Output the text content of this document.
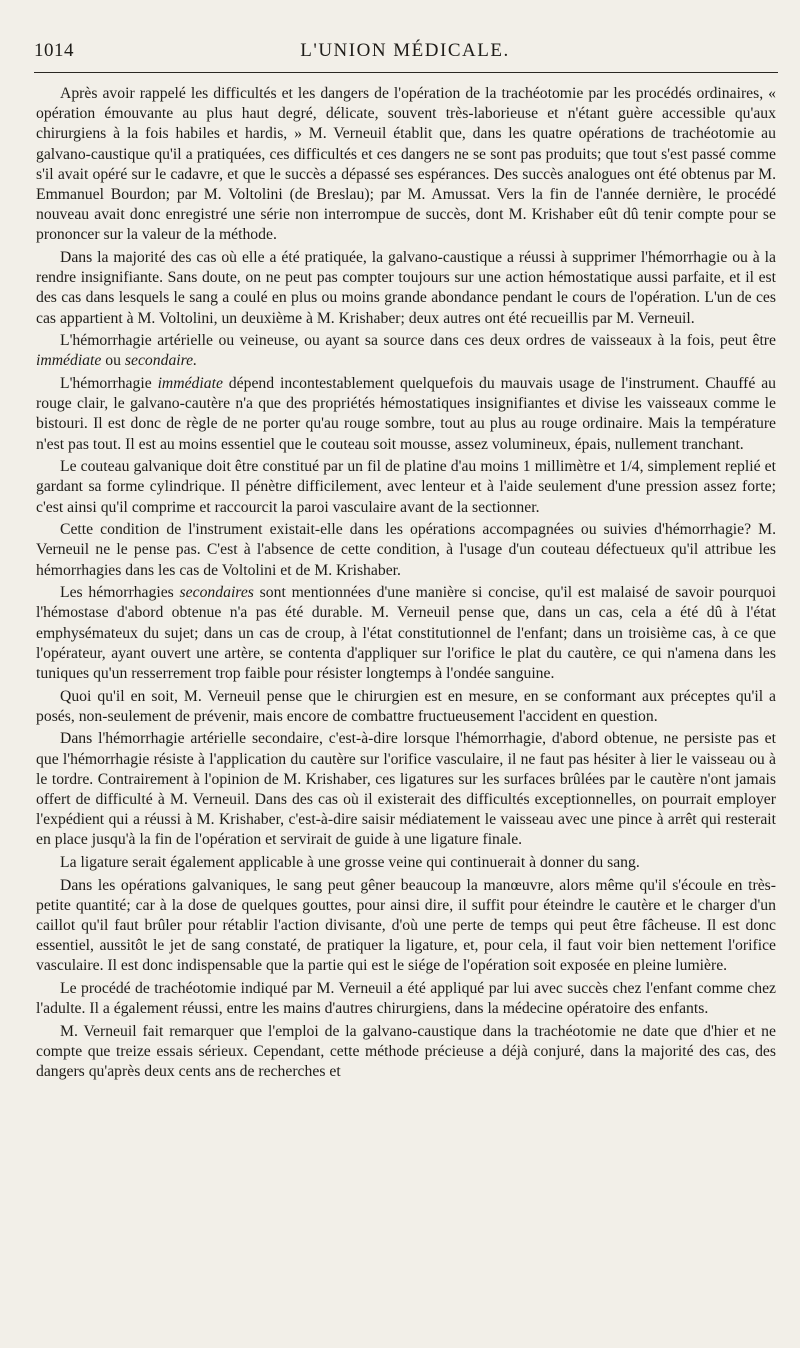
1014	L'UNION MÉDICALE.

Après avoir rappelé les difficultés et les dangers de l'opération de la trachéotomie par les procédés ordinaires, « opération émouvante au plus haut degré, délicate, souvent très-laborieuse et n'étant guère accessible qu'aux chirurgiens à la fois habiles et hardis, » M. Verneuil établit que, dans les quatre opérations de trachéotomie au galvano-caustique qu'il a pratiquées, ces difficultés et ces dangers ne se sont pas produits; que tout s'est passé comme s'il avait opéré sur le cadavre, et que le succès a dépassé ses espérances. Des succès analogues ont été obtenus par M. Emmanuel Bourdon; par M. Voltolini (de Breslau); par M. Amussat. Vers la fin de l'année dernière, le procédé nouveau avait donc enregistré une série non interrompue de succès, dont M. Krishaber eût dû tenir compte pour se prononcer sur la valeur de la méthode.

Dans la majorité des cas où elle a été pratiquée, la galvano-caustique a réussi à supprimer l'hémorrhagie ou à la rendre insignifiante. Sans doute, on ne peut pas compter toujours sur une action hémostatique aussi parfaite, et il est des cas dans lesquels le sang a coulé en plus ou moins grande abondance pendant le cours de l'opération. L'un de ces cas appartient à M. Voltolini, un deuxième à M. Krishaber; deux autres ont été recueillis par M. Verneuil.

L'hémorrhagie artérielle ou veineuse, ou ayant sa source dans ces deux ordres de vaisseaux à la fois, peut être immédiate ou secondaire.

L'hémorrhagie immédiate dépend incontestablement quelquefois du mauvais usage de l'instrument. Chauffé au rouge clair, le galvano-cautère n'a que des propriétés hémostatiques insignifiantes et divise les vaisseaux comme le bistouri. Il est donc de règle de ne porter qu'au rouge sombre, tout au plus au rouge ordinaire. Mais la température n'est pas tout. Il est au moins essentiel que le couteau soit mousse, assez volumineux, épais, nullement tranchant.

Le couteau galvanique doit être constitué par un fil de platine d'au moins 1 millimètre et 1/4, simplement replié et gardant sa forme cylindrique. Il pénètre difficilement, avec lenteur et à l'aide seulement d'une pression assez forte; c'est ainsi qu'il comprime et raccourcit la paroi vasculaire avant de la sectionner.

Cette condition de l'instrument existait-elle dans les opérations accompagnées ou suivies d'hémorrhagie? M. Verneuil ne le pense pas. C'est à l'absence de cette condition, à l'usage d'un couteau défectueux qu'il attribue les hémorrhagies dans les cas de Voltolini et de M. Krishaber.

Les hémorrhagies secondaires sont mentionnées d'une manière si concise, qu'il est malaisé de savoir pourquoi l'hémostase d'abord obtenue n'a pas été durable. M. Verneuil pense que, dans un cas, cela a été dû à l'état emphysémateux du sujet; dans un cas de croup, à l'état constitutionnel de l'enfant; dans un troisième cas, à ce que l'opérateur, ayant ouvert une artère, se contenta d'appliquer sur l'orifice le plat du cautère, ce qui n'amena dans les tuniques qu'un resserrement trop faible pour résister longtemps à l'ondée sanguine.

Quoi qu'il en soit, M. Verneuil pense que le chirurgien est en mesure, en se conformant aux préceptes qu'il a posés, non-seulement de prévenir, mais encore de combattre fructueusement l'accident en question.

Dans l'hémorrhagie artérielle secondaire, c'est-à-dire lorsque l'hémorrhagie, d'abord obtenue, ne persiste pas et que l'hémorrhagie résiste à l'application du cautère sur l'orifice vasculaire, il ne faut pas hésiter à lier le vaisseau ou à le tordre. Contrairement à l'opinion de M. Krishaber, ces ligatures sur les surfaces brûlées par le cautère n'ont jamais offert de difficulté à M. Verneuil. Dans des cas où il existerait des difficultés exceptionnelles, on pourrait employer l'expédient qui a réussi à M. Krishaber, c'est-à-dire saisir médiatement le vaisseau avec une pince à arrêt qui resterait en place jusqu'à la fin de l'opération et servirait de guide à une ligature finale.

La ligature serait également applicable à une grosse veine qui continuerait à donner du sang.

Dans les opérations galvaniques, le sang peut gêner beaucoup la manœuvre, alors même qu'il s'écoule en très-petite quantité; car à la dose de quelques gouttes, pour ainsi dire, il suffit pour éteindre le cautère et le charger d'un caillot qu'il faut brûler pour rétablir l'action divisante, d'où une perte de temps qui peut être fâcheuse. Il est donc essentiel, aussitôt le jet de sang constaté, de pratiquer la ligature, et, pour cela, il faut voir bien nettement l'orifice vasculaire. Il est donc indispensable que la partie qui est le siége de l'opération soit exposée en pleine lumière.

Le procédé de trachéotomie indiqué par M. Verneuil a été appliqué par lui avec succès chez l'enfant comme chez l'adulte. Il a également réussi, entre les mains d'autres chirurgiens, dans la médecine opératoire des enfants.

M. Verneuil fait remarquer que l'emploi de la galvano-caustique dans la trachéotomie ne date que d'hier et ne compte que treize essais sérieux. Cependant, cette méthode précieuse a déjà conjuré, dans la majorité des cas, des dangers qu'après deux cents ans de recherches et
